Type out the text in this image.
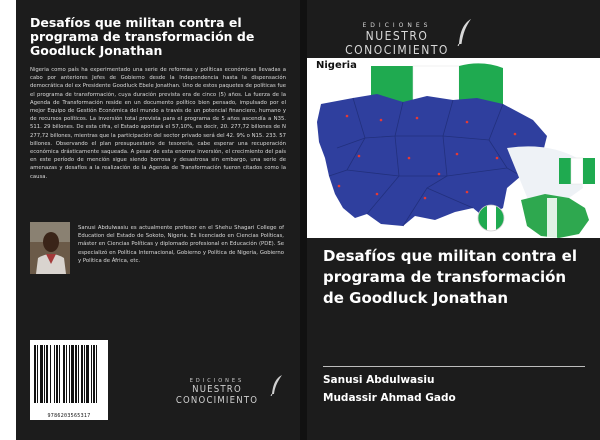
Desafíos que militan contra el programa de transformación de Goodluck Jonathan
Nigeria como país ha experimentado una serie de reformas y políticas económicas llevadas a cabo por anteriores Jefes de Gobierno desde la Independencia hasta la dispensación democrática del ex Presidente Goodluck Ebele Jonathan. Uno de estos paquetes de políticas fue el programa de transformación, cuya duración prevista era de cinco (5) años. La fuerza de la Agenda de Transformación reside en un documento político bien pensado, impulsado por el mejor Equipo de Gestión Económica del mundo a través de un potencial financiero, humano y de recursos políticos. La inversión total prevista para el programa de 5 años ascendía a N35. 511. 29 billones. De esta cifra, el Estado aportará el 57,10%, es decir, 20. 277,72 billones de N 277,72 billones, mientras que la participación del sector privado será del 42. 9% o N15. 233. 57 billones. Observando el plan presupuestario de tesorería, cabe esperar una recuperación económica drásticamente saqueada. A pesar de esta enorme inversión, el crecimiento del país en este período de mención sigue siendo borrosa y desastrosa sin embargo, una serie de amenazas y desafíos a la realización de la Agenda de Transformación fueron citados como la causa.
Sanusi Abdulwasiu es actualmente profesor en el Shehu Shagari College of Education del Estado de Sokoto, Nigeria. Es licenciado en Ciencias Políticas, máster en Ciencias Políticas y diplomado profesional en Educación (PDE). Se especializó en Política Internacional, Gobierno y Política de Nigeria, Gobierno y Política de África, etc.
9786203565317
EDICIONES
NUESTRO CONOCIMIENTO
EDICIONES
NUESTRO CONOCIMIENTO
Nigeria
Desafíos que militan contra el programa de transformación de Goodluck Jonathan
Sanusi Abdulwasiu
Mudassir Ahmad Gado
